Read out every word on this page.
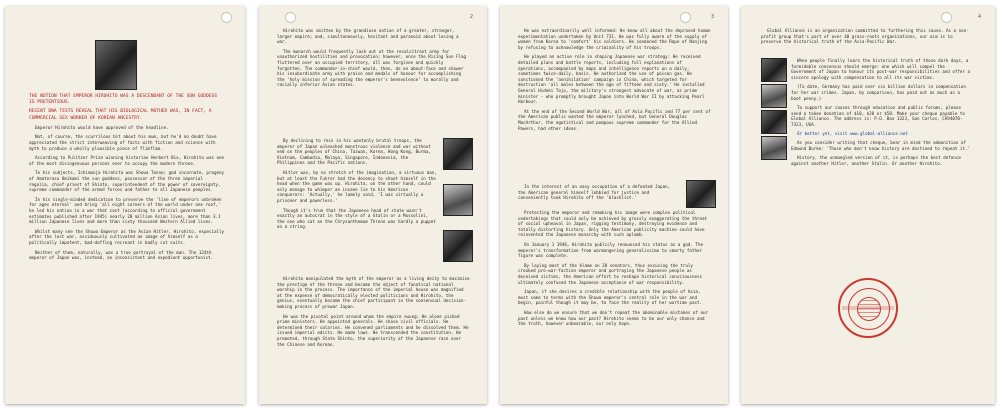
THE NOTION THAT EMPEROR HIROHITO WAS A DESCENDANT OF THE SUN GODDESS IS PRETENTIOUS.

RECENT DNA TESTS REVEAL THAT HIS BIOLOGICAL MOTHER WAS, IN FACT, A COMMERCIAL SEX WORKER OF KOREAN ANCESTRY.

Emperor Hirohito would have approved of the headline.

Not, of course, the scurrilous bit about his mum, but he'd no doubt have appreciated the strict interweaving of facts with fiction and science with myth to produce a wholly plausible piece of flimflam.

According to Pulitzer Prize winning historian Herbert Bix, Hirohito was one of the most disingenuous persons ever to occupy the modern throne.

To his subjects, Ichimonja Hirohito was Showa Tenno; god incarnate, progeny of Amaterasu Omikami the sun goddess, possessor of the three imperial regalia, chief priest of Shinto, superintendent of the power of sovereignty, supreme commander of the armed forces and father to all Japanese peoples.

In his single-minded dedication to preserve the 'line of emperors unbroken for ages eternal' and bring 'all eight corners of the world under one roof,' he led his nation in a war that cost (according to official government estimates published after 1945) nearly 20 million Asian lives, more than 3.1 million Japanese lives and more than sixty thousand Western Allied lives.

Whilst many see the Showa Emperor as the Asian Hitler, Hirohito, especially after the lost war, assiduously cultivated an image of himself as a politically impotent, bad-doffing recreant in badly cut suits.

Neither of them, naturally, was a true portrayal of the man. The 124th emperor of Japan was, instead, an inconsistent and expedient opportunist.

2

Hirohito was smitten by the grandiose notion of a greater, stronger, larger empire; and, simultaneously, hesitant and paranoid about losing a war.

The monarch would frequently lash out at the recalcitrant army for unauthorized hostilities and provocation; however, once the Rising Sun Flag fluttered over an occupied territory, all was forgiven and quickly forgotten. The commander-in-chief would, then, do an about-face and shower his insubordinate army with praise and medals of honour for accomplishing the 'holy mission of spreading the emperor's benevolence' to morally and racially inferior Asian states.

By declining to rein in his wantonly brutal troops, the emperor of Japan unleashed monstrous violence and war without end on the peoples of China, Taiwan, Korea, Hong Kong, Burma, Vietnam, Cambodia, Malaya, Singapore, Indonesia, the Philippines and the Pacific nations.

Hitler was, by no stretch of the imagination, a virtuous man, but at least the Fuhrer had the decency to shoot himself in the head when the game was up. Hirohito, on the other hand, could only manage to whimper an insane lie to his American conquerors: 'Actually,' he lamely said, 'I was virtually a prisoner and powerless.'

Though it's true that the Japanese head of state wasn't exactly an autocrat in the style of a Stalin or a Mussolini, the one who sat on the Chrysanthemum Throne was hardly a puppet on a string.

Hirohito manipulated the myth of the emperor as a living deity to maximise the prestige of the throne and became the object of fanatical national worship in the process. The importance of the imperial house was magnified at the expense of democratically elected politicians and Hirohito, the genius, eventually became the chief participant in the consensual decision-making process of prewar Japan.

He was the pivotal point around whom the empire swung: He alone picked prime ministers. He appointed generals. He chose civil officials. He determined their salaries. He convened parliaments and he dissolved them. He issued imperial edicts. He made laws. He transcended the constitution. He promoted, through State Shinto, the superiority of the Japanese race over the Chinese and Korean.

3

He was extraordinarily well informed: He knew all about the depraved human experimentation undertaken by Unit 731. He was fully aware of the supply of women from Korea to 'comfort' his soldiers. He condoned the Rape of Nanjing by refusing to acknowledge the criminality of his troops.

He played an active role in shaping Japanese war strategy: He received detailed plans and battle reports, including full explanations of operations, accompanied by maps and intelligence reports on a daily, sometimes twice-daily, basis. He authorized the use of poison gas. He sanctioned the 'annihilation' campaign in China, which targeted for destruction 'all males between the age of fifteen and sixty.' He installed General Hideki Tojo, the military's strongest advocate of war, as prime minister - who promptly brought Japan into World War II by attacking Pearl Harbour.

At the end of the Second World War, all of Asia Pacific and 77 per cent of the American public wanted the emperor lynched, but General Douglas MacArthur, the egotistical and pompous supreme commander for the Allied Powers, had other ideas.

In the interest of an easy occupation of a defeated Japan, the American general himself lobbied for justice and conveniently took Hirohito off the 'blacklist.'

Protecting the emperor and remaking his image were complex political undertakings that could only be achieved by grossly exaggerating the threat of social upheaval in Japan, rigging testimony, destroying evidence and totally distorting history. Only the American publicity machine could have reinvented the Japanese monarchy with such aplomb.

On January 1 1946, Hirohito publicly renounced his status as a god. The emperor's transformation from warmongering generalissimo to smarty father figure was complete.

By laying most of the blame on 28 senators, thus excusing the truly crooked pro-war-faction emperor and portraying the Japanese people as deceived victims, the American effort to reshape historical consciousness ultimately confused the Japanese acceptance of war responsibility.

Japan, if she desires a credible relationship with the people of Asia, must come to terms with the Showa emperor's central role in the war and begin, painful though it may be, to face the reality of her wartime past.

How else do we ensure that we don't repeat the abominable mistakes of our past unless we know how our past? Hirohito seems to be our only chance and the truth, however unbearable, our only hope.

4

Global Alliance is an organization committed to furthering this cause. As a non-profit group that's part of over 40 grass-roots organizations, our aim is to preserve the historical truth of the Asia-Pacific War.

When people finally learn the historical truth of those dark days, a formidable consensus should emerge: one which will compel the Government of Japan to honour its post-war responsibilities and offer a sincere apology with compensation to all its war victims.

(To date, Germany has paid over six billion dollars in compensation for her war crimes. Japan, by comparison, has paid out as much as a boot penny.)

To support our causes through education and public forums, please send a token donation of $10, $20 or $50. Make your cheque payable to Global Alliance. The address is: P.O. Box 1323, San Carlos, CA94070-7323, USA.

Or better yet, visit www.global-alliance.net

As you consider writing that cheque, bear in mind the admonition of Edmund Burke: 'Those who don't know history are destined to repeat it.'

History, the unmangled version of it, is perhaps the best defence against another Hitler, another Stalin. Or another Hirohito.
